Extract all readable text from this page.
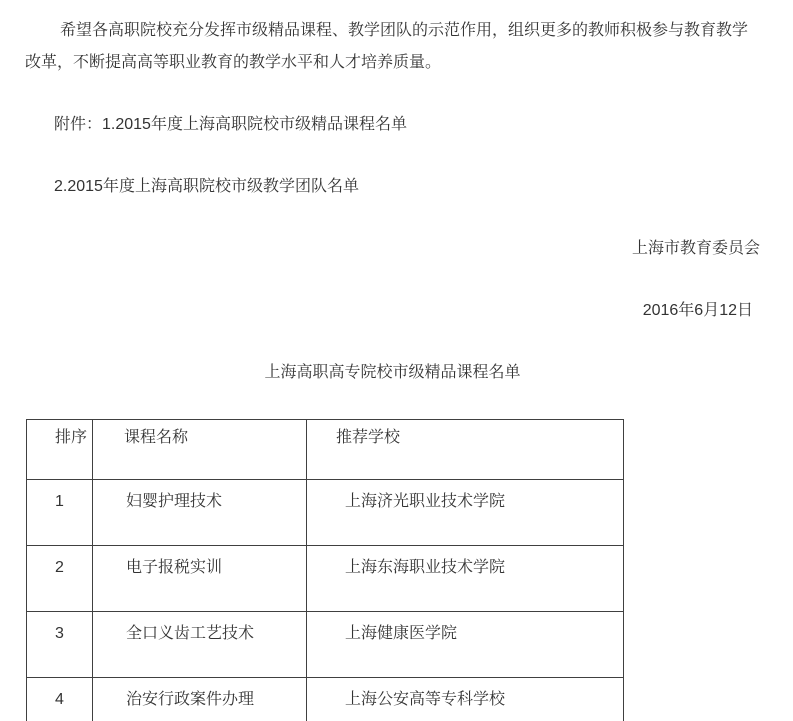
希望各高职院校充分发挥市级精品课程、教学团队的示范作用，组织更多的教师积极参与教育教学改革，不断提高高等职业教育的教学水平和人才培养质量。

附件：1.2015年度上海高职院校市级精品课程名单

2.2015年度上海高职院校市级教学团队名单

上海市教育委员会

2016年6月12日

上海高职高专院校市级精品课程名单

排序	课程名称	推荐学校
1	妇婴护理技术	上海济光职业技术学院
2	电子报税实训	上海东海职业技术学院
3	全口义齿工艺技术	上海健康医学院
4	治安行政案件办理	上海公安高等专科学校
